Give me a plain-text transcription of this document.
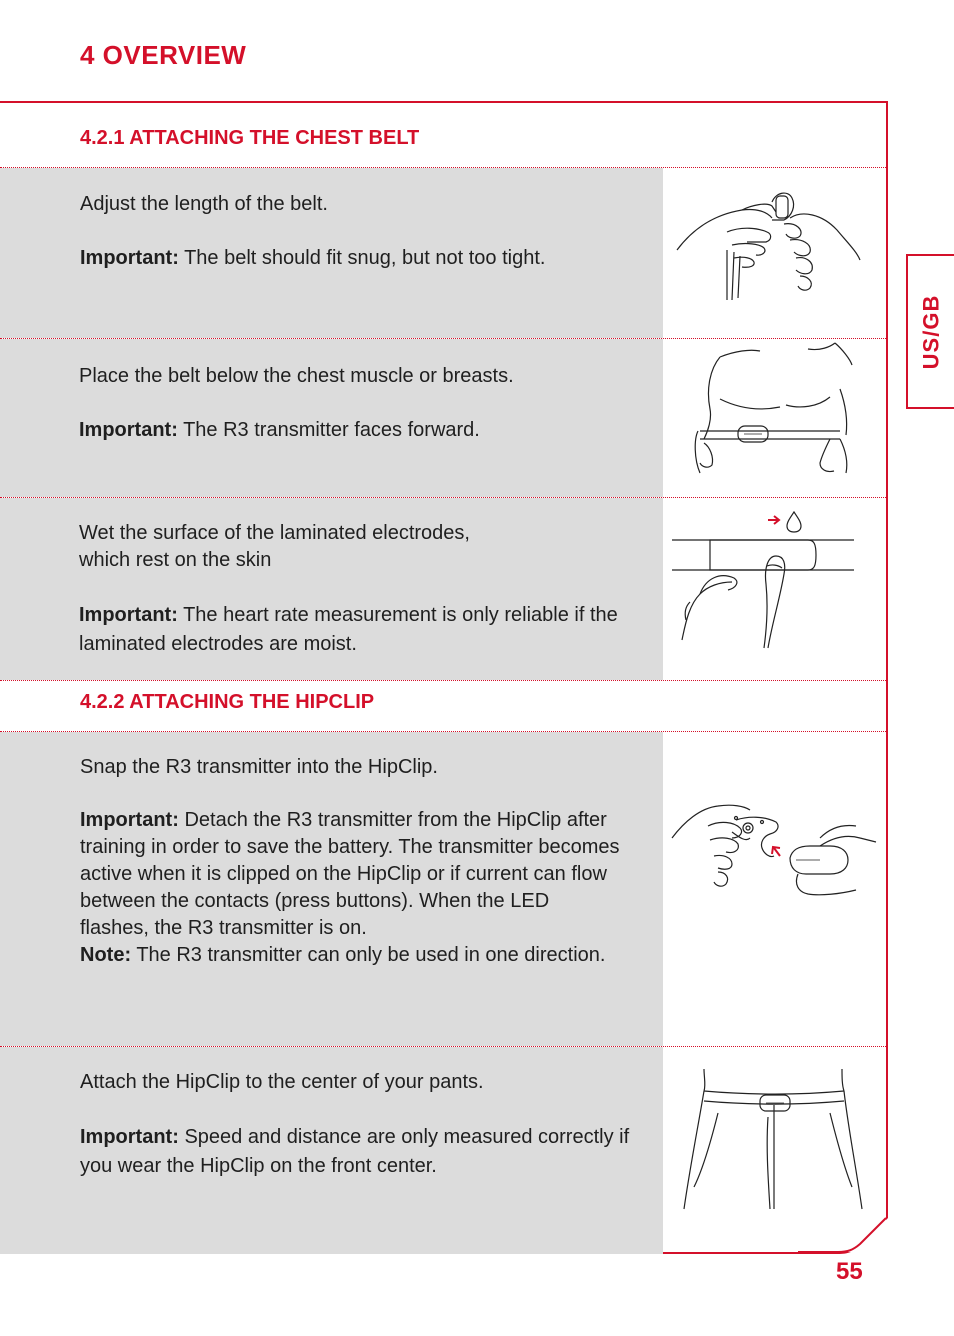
4 OVERVIEW
US/GB
4.2.1 ATTACHING THE CHEST BELT

Adjust the length of the belt.

Important: The belt should fit snug, but not too tight.

Place the belt below the chest muscle or breasts.

Important: The R3 transmitter faces forward.

Wet the surface of the laminated electrodes,

which rest on the skin

Important: The heart rate measurement is only reliable if the laminated electrodes are moist.

4.2.2 ATTACHING THE HIPCLIP

Snap the R3 transmitter into the HipClip.

Important: Detach the R3 transmitter from the HipClip after training in order to save the battery. The transmitter becomes active when it is clipped on the HipClip or if current can flow between the contacts (press buttons). When the LED flashes, the R3 transmitter is on.

Note: The R3 transmitter can only be used in one direction.

Attach the HipClip to the center of your pants.

Important: Speed and distance are only measured correctly if you wear the HipClip on the front center.

55
